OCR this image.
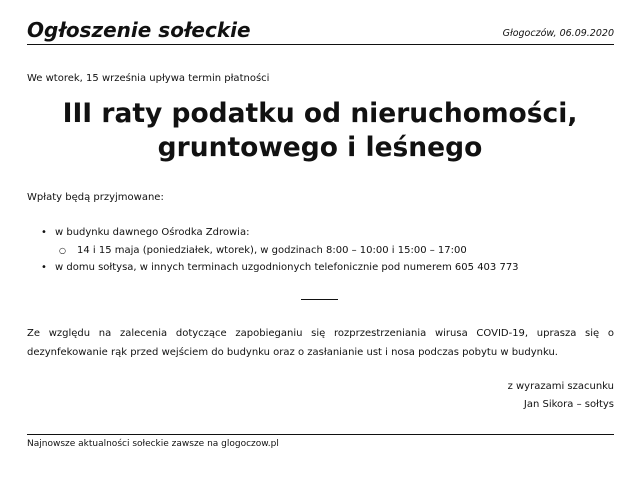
Ogłoszenie sołeckie	Głogoczów, 06.09.2020
We wtorek, 15 września upływa termin płatności
III raty podatku od nieruchomości,
gruntowego i leśnego
Wpłaty będą przyjmowane:
• w budynku dawnego Ośrodka Zdrowia:
○ 14 i 15 maja (poniedziałek, wtorek), w godzinach 8:00 – 10:00 i 15:00 – 17:00
• w domu sołtysa, w innych terminach uzgodnionych telefonicznie pod numerem 605 403 773
Ze względu na zalecenia dotyczące zapobieganiu się rozprzestrzeniania wirusa COVID-19, uprasza się o dezynfekowanie rąk przed wejściem do budynku oraz o zasłanianie ust i nosa podczas pobytu w budynku.
z wyrazami szacunku
Jan Sikora – sołtys
Najnowsze aktualności sołeckie zawsze na glogoczow.pl
